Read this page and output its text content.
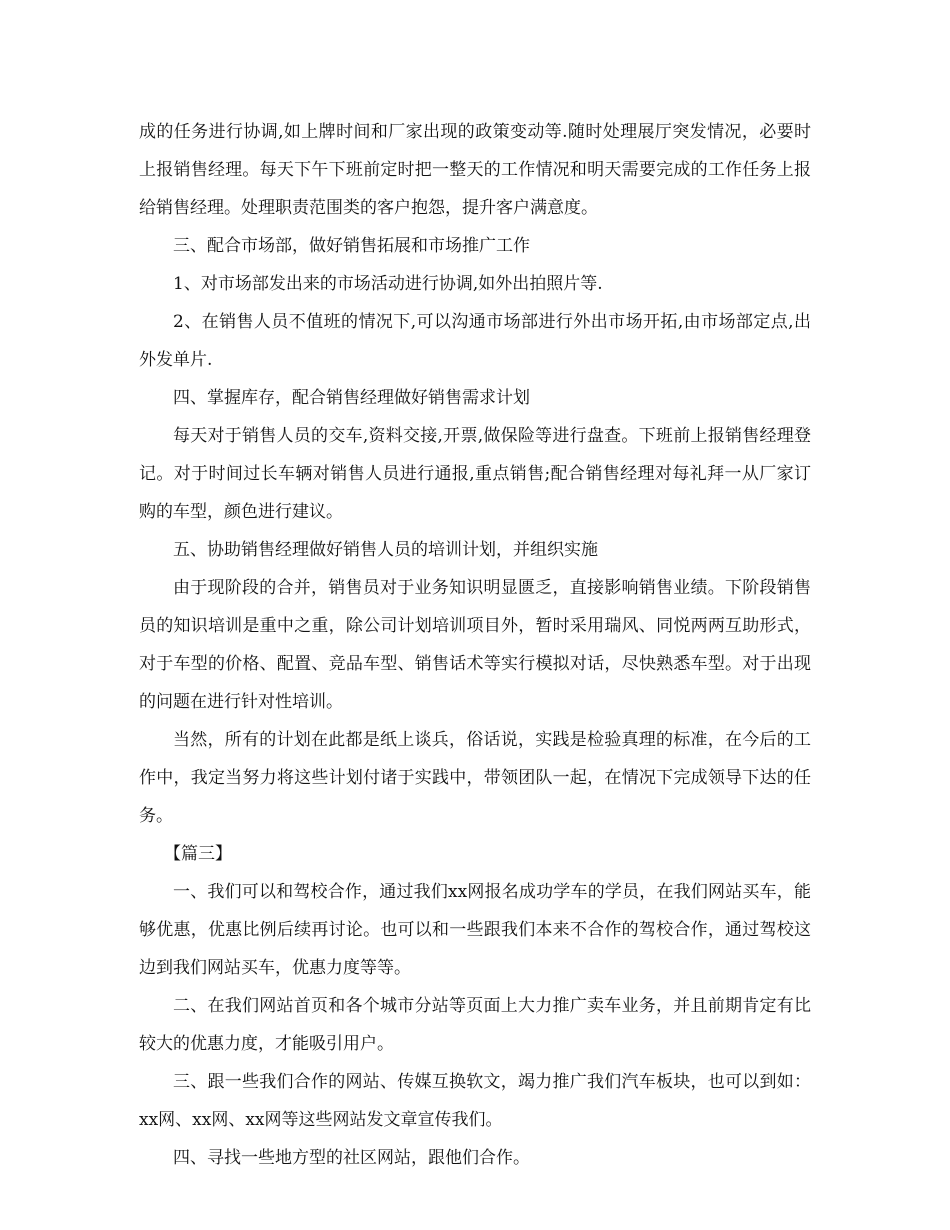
成的任务进行协调,如上牌时间和厂家出现的政策变动等.随时处理展厅突发情况，必要时上报销售经理。每天下午下班前定时把一整天的工作情况和明天需要完成的工作任务上报给销售经理。处理职责范围类的客户抱怨，提升客户满意度。

三、配合市场部，做好销售拓展和市场推广工作

1、对市场部发出来的市场活动进行协调,如外出拍照片等.

2、在销售人员不值班的情况下,可以沟通市场部进行外出市场开拓,由市场部定点,出外发单片.

四、掌握库存，配合销售经理做好销售需求计划

每天对于销售人员的交车,资料交接,开票,做保险等进行盘查。下班前上报销售经理登记。对于时间过长车辆对销售人员进行通报,重点销售;配合销售经理对每礼拜一从厂家订购的车型，颜色进行建议。

五、协助销售经理做好销售人员的培训计划，并组织实施

由于现阶段的合并，销售员对于业务知识明显匮乏，直接影响销售业绩。下阶段销售员的知识培训是重中之重，除公司计划培训项目外，暂时采用瑞风、同悦两两互助形式，对于车型的价格、配置、竞品车型、销售话术等实行模拟对话，尽快熟悉车型。对于出现的问题在进行针对性培训。

当然，所有的计划在此都是纸上谈兵，俗话说，实践是检验真理的标准，在今后的工作中，我定当努力将这些计划付诸于实践中，带领团队一起，在情况下完成领导下达的任务。

【篇三】

一、我们可以和驾校合作，通过我们xx网报名成功学车的学员，在我们网站买车，能够优惠，优惠比例后续再讨论。也可以和一些跟我们本来不合作的驾校合作，通过驾校这边到我们网站买车，优惠力度等等。

二、在我们网站首页和各个城市分站等页面上大力推广卖车业务，并且前期肯定有比较大的优惠力度，才能吸引用户。

三、跟一些我们合作的网站、传媒互换软文，竭力推广我们汽车板块，也可以到如：xx网、xx网、xx网等这些网站发文章宣传我们。

四、寻找一些地方型的社区网站，跟他们合作。
